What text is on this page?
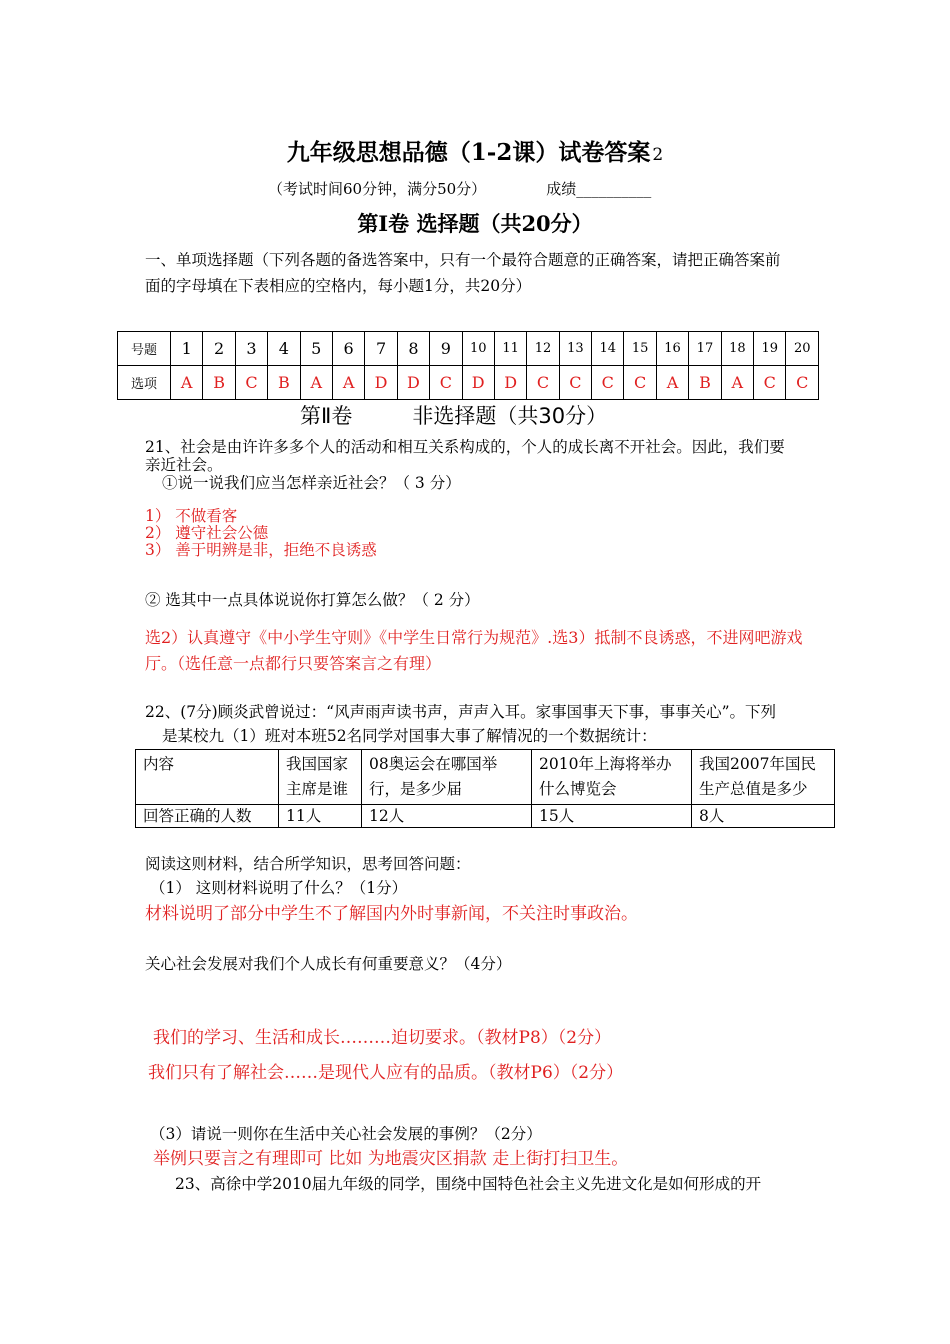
九年级思想品德（1-2课）试卷答案 2
（考试时间60分钟，满分50分）	成绩__________
第Ⅰ卷 选择题（共20分）
一、单项选择题（下列各题的备选答案中，只有一个最符合题意的正确答案，请把正确答案前
面的字母填在下表相应的空格内，每小题1分，共20分）
号题	1	2	3	4	5	6	7	8	9	10	11	12	13	14	15	16	17	18	19	20
选项	A	B	C	B	A	A	D	D	C	D	D	C	C	C	C	A	B	A	C	C
第Ⅱ卷	非选择题（共30分）
21、社会是由许许多多个人的活动和相互关系构成的，个人的成长离不开社会。因此，我们要
亲近社会。
①说一说我们应当怎样亲近社会？（ 3 分）
1） 不做看客
2） 遵守社会公德
3） 善于明辨是非，拒绝不良诱惑
② 选其中一点具体说说你打算怎么做？（ 2 分）
选2）认真遵守《中小学生守则》《中学生日常行为规范》.选3）抵制不良诱惑，不进网吧游戏
厅。（选任意一点都行只要答案言之有理）
22、(7分)顾炎武曾说过：“风声雨声读书声，声声入耳。家事国事天下事，事事关心”。下列
是某校九（1）班对本班52名同学对国事大事了解情况的一个数据统计：
内容	我国国家主席是谁	08奥运会在哪国举行，是多少届	2010年上海将举办什么博览会	我国2007年国民生产总值是多少
回答正确的人数	11人	12人	15人	8人
阅读这则材料，结合所学知识，思考回答问题：
（1） 这则材料说明了什么？（1分）
材料说明了部分中学生不了解国内外时事新闻，不关注时事政治。
关心社会发展对我们个人成长有何重要意义？（4分）
我们的学习、生活和成长………迫切要求。（教材P8）（2分）
我们只有了解社会……是现代人应有的品质。（教材P6）（2分）
（3）请说一则你在生活中关心社会发展的事例？（2分）
举例只要言之有理即可 比如 为地震灾区捐款 走上街打扫卫生。
23、高徐中学2010届九年级的同学，围绕中国特色社会主义先进文化是如何形成的开
